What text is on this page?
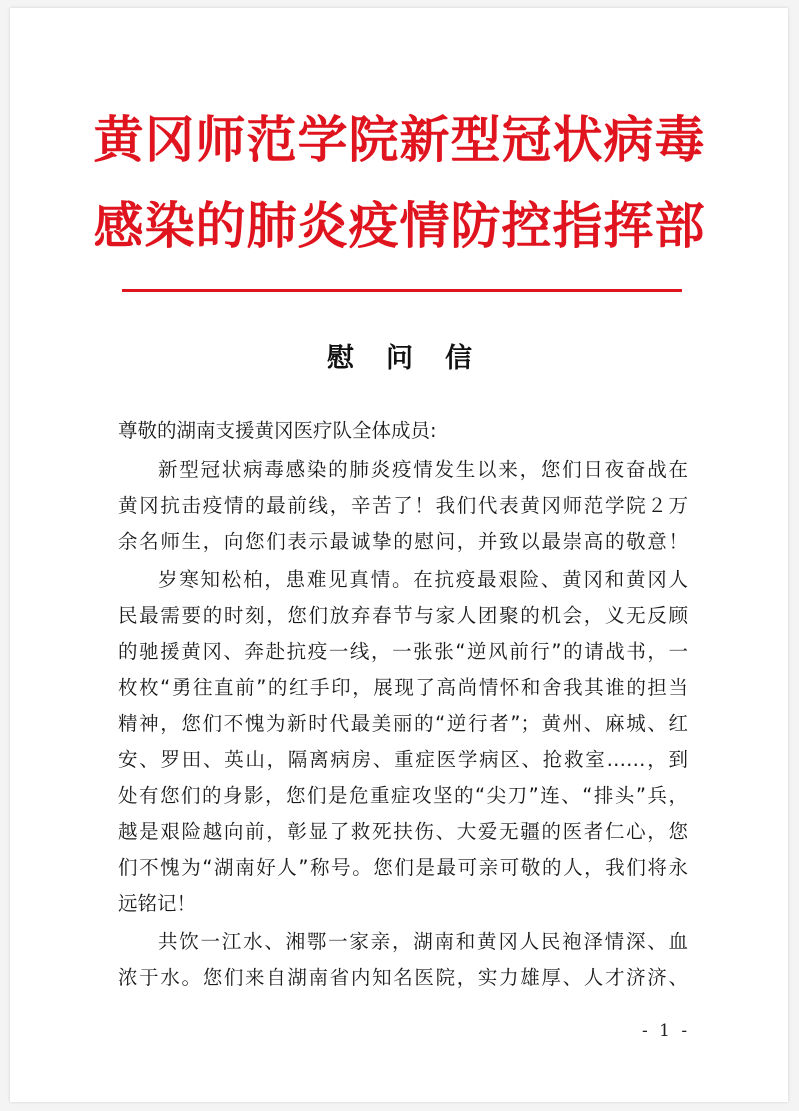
黄冈师范学院新型冠状病毒
感染的肺炎疫情防控指挥部
慰问信
尊敬的湖南支援黄冈医疗队全体成员:
新型冠状病毒感染的肺炎疫情发生以来，您们日夜奋战在
黄冈抗击疫情的最前线，辛苦了！我们代表黄冈师范学院２万
余名师生，向您们表示最诚挚的慰问，并致以最崇高的敬意！
岁寒知松柏，患难见真情。在抗疫最艰险、黄冈和黄冈人
民最需要的时刻，您们放弃春节与家人团聚的机会，义无反顾
的驰援黄冈、奔赴抗疫一线，一张张“逆风前行”的请战书，一
枚枚“勇往直前”的红手印，展现了高尚情怀和舍我其谁的担当
精神，您们不愧为新时代最美丽的“逆行者”；黄州、麻城、红
安、罗田、英山，隔离病房、重症医学病区、抢救室……，到
处有您们的身影，您们是危重症攻坚的“尖刀”连、“排头”兵，
越是艰险越向前，彰显了救死扶伤、大爱无疆的医者仁心，您
们不愧为“湖南好人”称号。您们是最可亲可敬的人，我们将永
远铭记！
共饮一江水、湘鄂一家亲，湖南和黄冈人民袍泽情深、血
浓于水。您们来自湖南省内知名医院，实力雄厚、人才济济、
- 1 -
